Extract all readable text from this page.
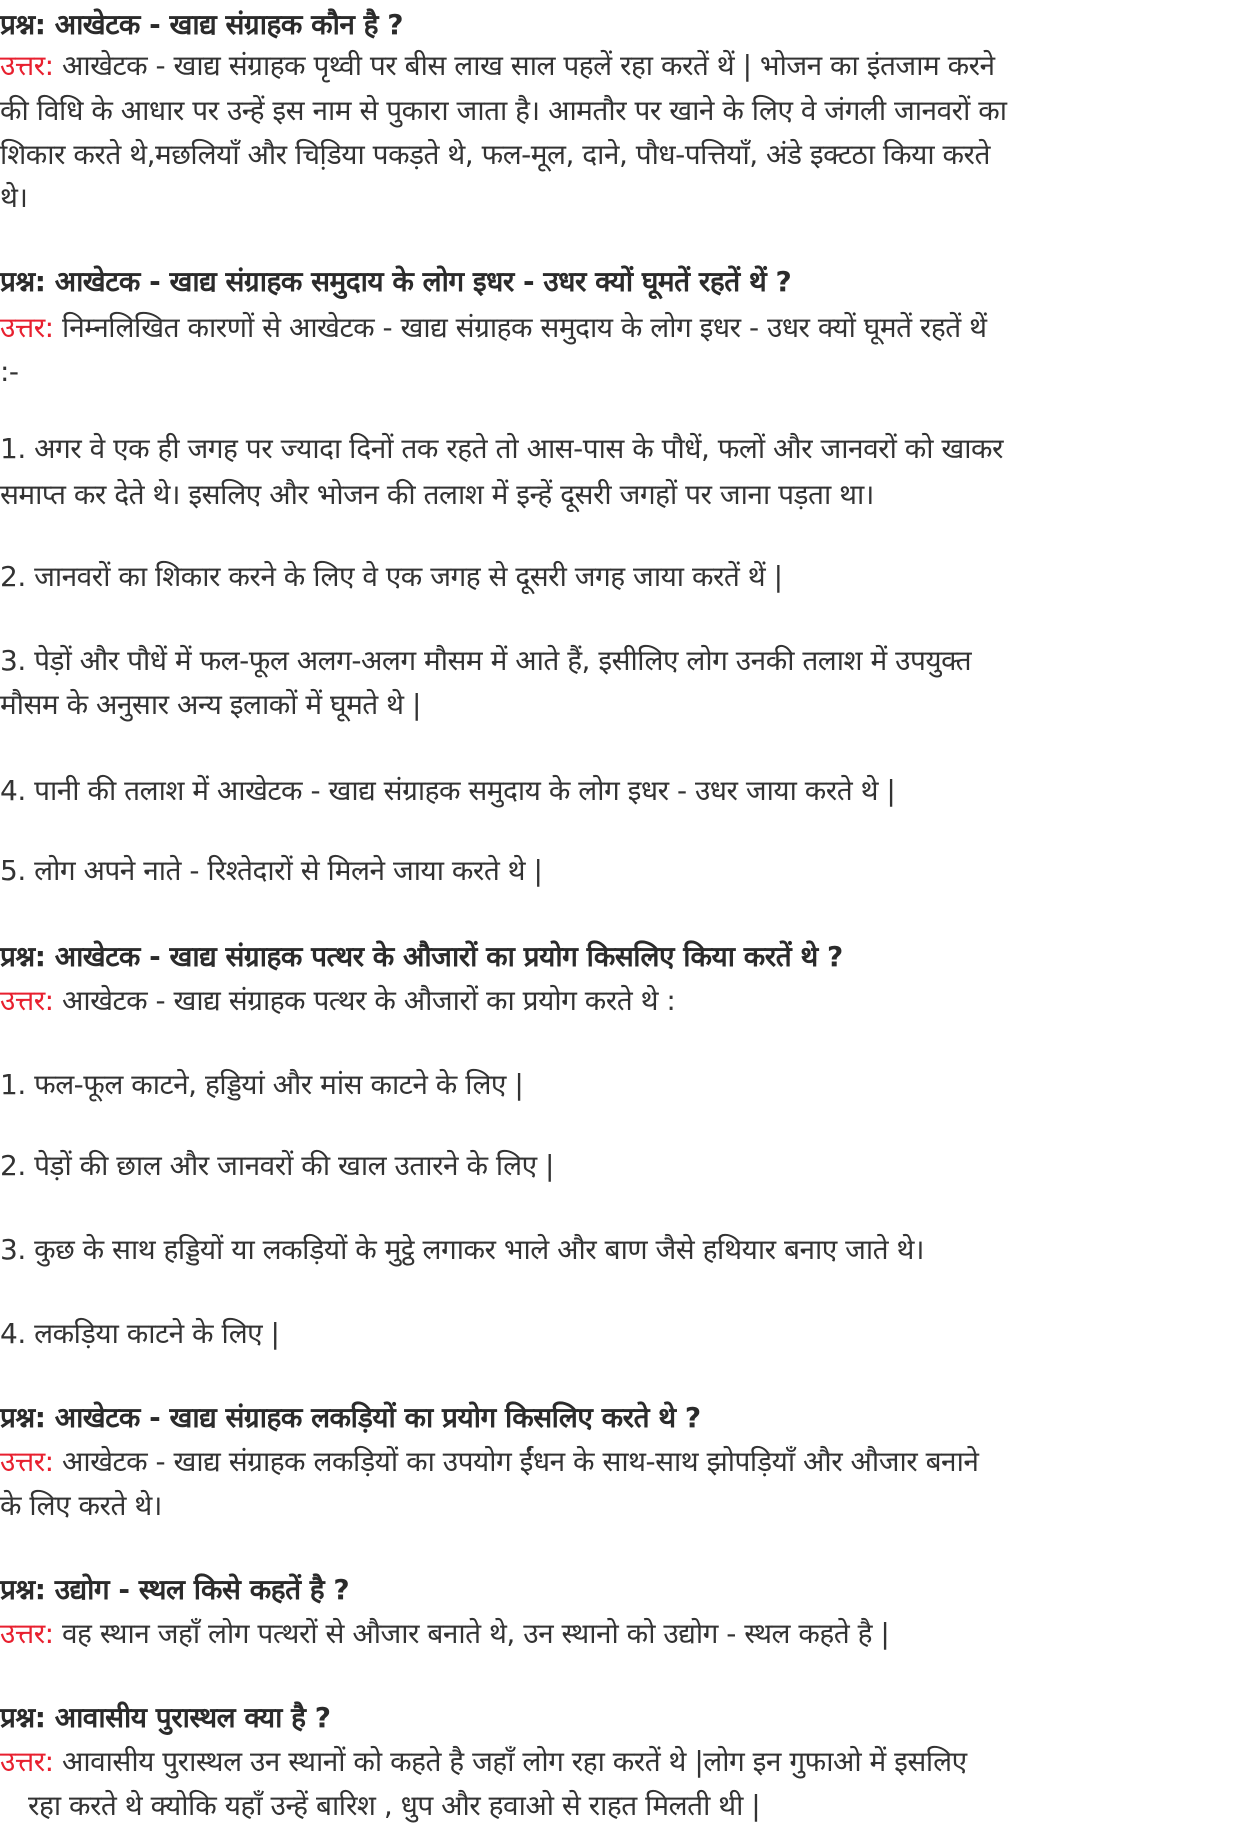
प्रश्न: आखेटक - खाद्य संग्राहक कौन है ?
उत्तर: आखेटक - खाद्य संग्राहक पृथ्वी पर बीस लाख साल पहलें रहा करतें थें | भोजन का इंतजाम करने
की विधि के आधार पर उन्हें इस नाम से पुकारा जाता है। आमतौर पर खाने के लिए वे जंगली जानवरों का
शिकार करते थे,मछलियाँ और चिडि़या पकड़ते थे, फल-मूल, दाने, पौध-पत्तियाँ, अंडे इक्टठा किया करते
थे।
प्रश्न: आखेटक - खाद्य संग्राहक समुदाय के लोग इधर - उधर क्यों घूमतें रहतें थें ?
उत्तर: निम्नलिखित कारणों से आखेटक - खाद्य संग्राहक समुदाय के लोग इधर - उधर क्यों घूमतें रहतें थें
:-
1. अगर वे एक ही जगह पर ज्यादा दिनों तक रहते तो आस-पास के पौधें, फलों और जानवरों को खाकर
समाप्त कर देते थे। इसलिए और भोजन की तलाश में इन्हें दूसरी जगहों पर जाना पड़ता था।
2. जानवरों का शिकार करने के लिए वे एक जगह से दूसरी जगह जाया करतें थें |
3. पेड़ों और पौधें में फल-फूल अलग-अलग मौसम में आते हैं, इसीलिए लोग उनकी तलाश में उपयुक्त
मौसम के अनुसार अन्य इलाकों में घूमते थे |
4. पानी की तलाश में आखेटक - खाद्य संग्राहक समुदाय के लोग इधर - उधर जाया करते थे |
5. लोग अपने नाते - रिश्तेदारों से मिलने जाया करते थे |
प्रश्न: आखेटक - खाद्य संग्राहक पत्थर के औजारों का प्रयोग किसलिए किया करतें थे ?
उत्तर: आखेटक - खाद्य संग्राहक पत्थर के औजारों का प्रयोग करते थे :
1. फल-फूल काटने, हड्डियां और मांस काटने के लिए |
2. पेड़ों की छाल और जानवरों की खाल उतारने के लिए |
3. कुछ के साथ हड्डियों या लकड़ियों के मुट्ठे लगाकर भाले और बाण जैसे हथियार बनाए जाते थे।
4. लकड़िया काटने के लिए |
प्रश्न: आखेटक - खाद्य संग्राहक लकड़ियों का प्रयोग किसलिए करते थे ?
उत्तर: आखेटक - खाद्य संग्राहक लकड़ियों का उपयोग ईंधन के साथ-साथ झोपड़ियाँ और औजार बनाने
के लिए करते थे।
प्रश्न: उद्योग - स्थल किसे कहतें है ?
उत्तर: वह स्थान जहाँ लोग पत्थरों से औजार बनाते थे, उन स्थानो को उद्योग - स्थल कहते है |
प्रश्न: आवासीय पुरास्थल क्या है ?
उत्तर: आवासीय पुरास्थल उन स्थानों को कहते है जहाँ लोग रहा करतें थे |लोग इन गुफाओ में इसलिए
रहा करते थे क्योकि यहाँ उन्हें बारिश , धुप और हवाओ से राहत मिलती थी |
